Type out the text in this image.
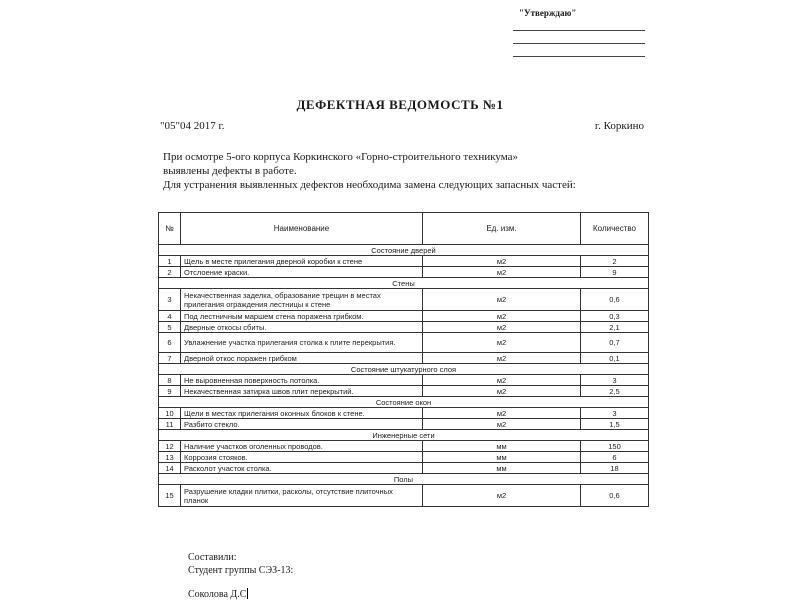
"Утверждаю"
ДЕФЕКТНАЯ ВЕДОМОСТЬ №1
"05"04 2017 г.	г. Коркино
При осмотре 5-ого корпуса Коркинского «Горно-строительного техникума»
выявлены дефекты в работе.
Для устранения выявленных дефектов необходима замена следующих запасных частей:
№	Наименование	Ед. изм.	Количество
Состояние дверей			
1	Щель в месте прилегания дверной коробки к стене	м2	2
2	Отслоение краски.	м2	9
Стены			
3	Некачественная заделка, образование трещин в местах прилегания ограждения лестницы к стене	м2	0,6
4	Под лестничным маршем стена поражена грибком.	м2	0,3
5	Дверные откосы сбиты.	м2	2,1
6	Увлажнение участка прилегания столка к плите перекрытия.	м2	0,7
7	Дверной откос поражен грибком	м2	0,1
Состояние штукатурного слоя			
8	Не выровненная поверхность потолка.	м2	3
9	Некачественная затирка швов плит перекрытий.	м2	2,5
Состояние окон			
10	Щели в местах прилегания оконных блоков к стене.	м2	3
11	Разбито стекло.	м2	1,5
Инженерные сети			
12	Наличие участков оголенных проводов.	мм	150
13	Коррозия стояков.	мм	6
14	Расколот участок столка.	мм	18
Полы			
15	Разрушение кладки плитки, расколы, отсутствие плиточных планок	м2	0,6
Составили:
Студент группы СЭЗ-13:
Соколова Д.С
